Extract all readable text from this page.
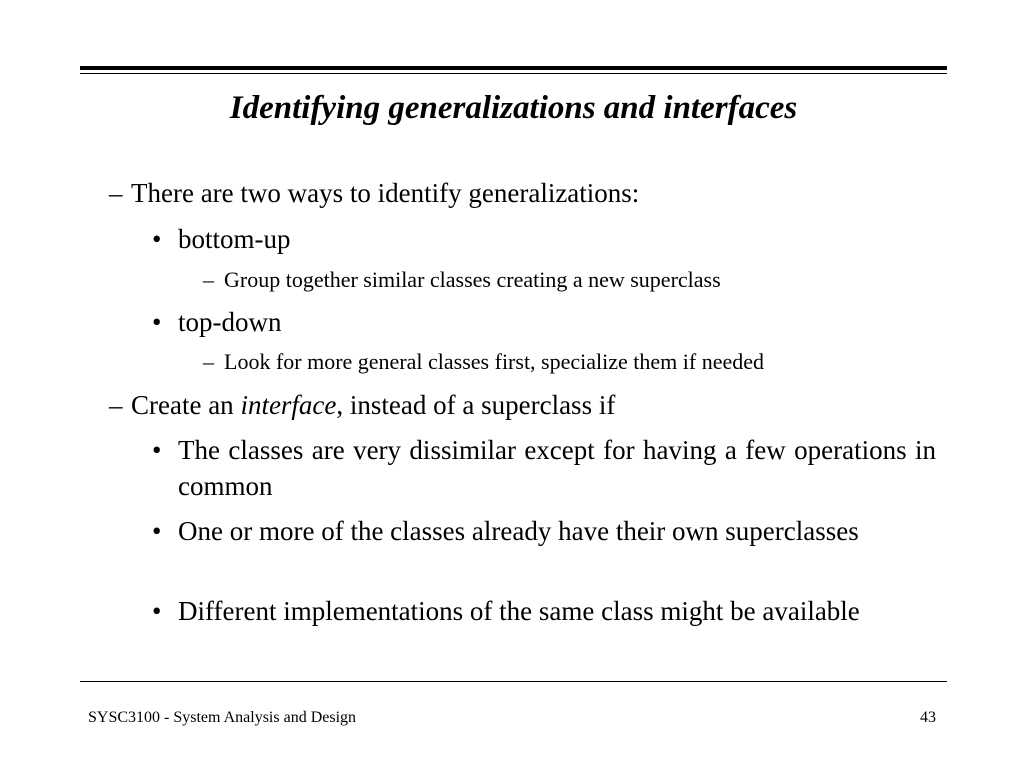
Identifying generalizations and interfaces
– There are two ways to identify generalizations:
• bottom-up
– Group together similar classes creating a new superclass
• top-down
– Look for more general classes first, specialize them if needed
– Create an interface, instead of a superclass if
• The classes are very dissimilar except for having a few operations in common
• One or more of the classes already have their own superclasses
• Different implementations of the same class might be available
SYSC3100 - System Analysis and Design	43
